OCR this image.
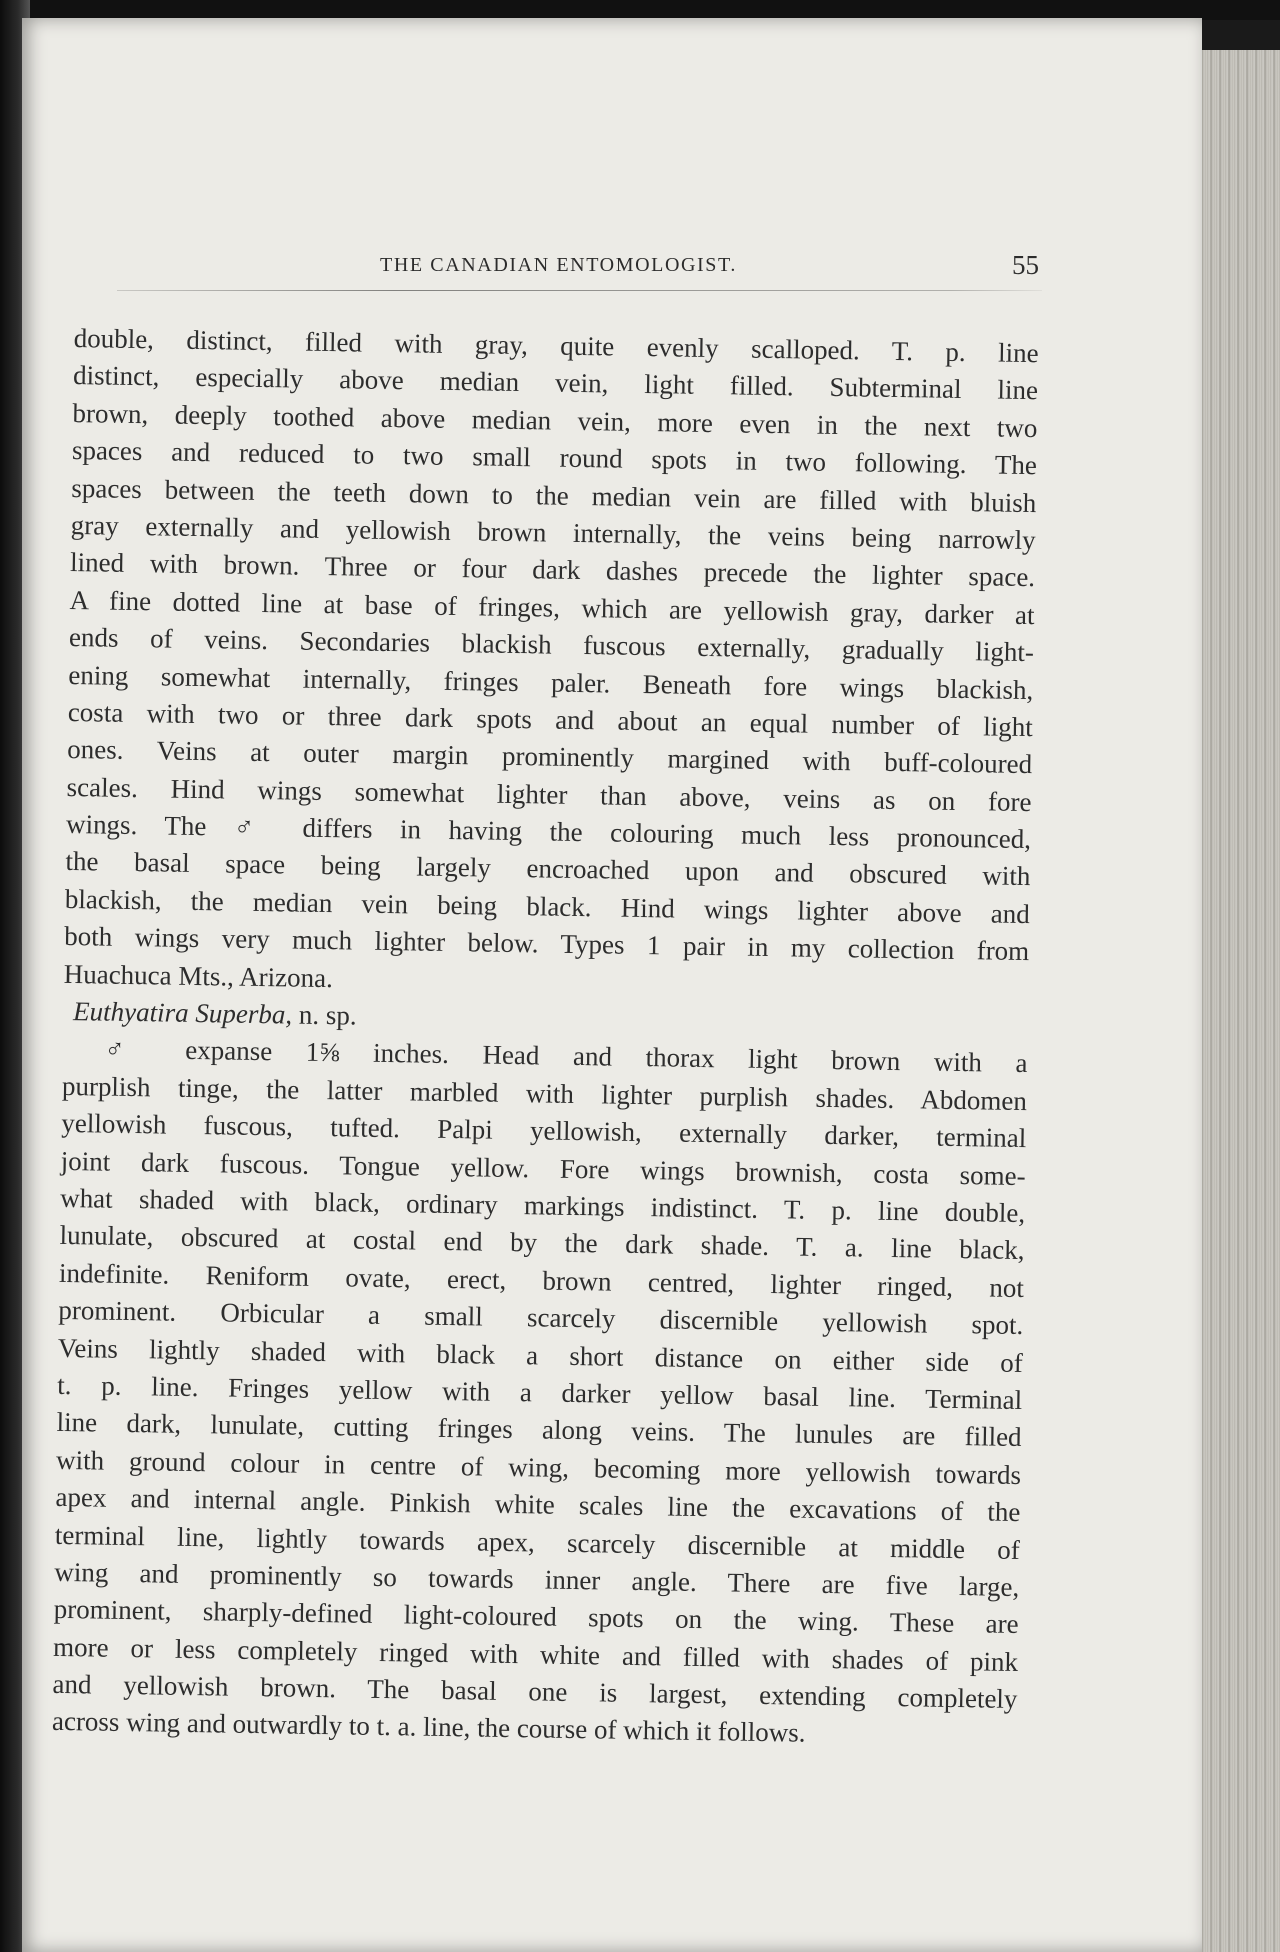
THE CANADIAN ENTOMOLOGIST.	55
double, distinct, filled with gray, quite evenly scalloped. T. p. line
distinct, especially above median vein, light filled. Subterminal line
brown, deeply toothed above median vein, more even in the next two
spaces and reduced to two small round spots in two following. The
spaces between the teeth down to the median vein are filled with bluish
gray externally and yellowish brown internally, the veins being narrowly
lined with brown. Three or four dark dashes precede the lighter space.
A fine dotted line at base of fringes, which are yellowish gray, darker at
ends of veins. Secondaries blackish fuscous externally, gradually light-
ening somewhat internally, fringes paler. Beneath fore wings blackish,
costa with two or three dark spots and about an equal number of light
ones. Veins at outer margin prominently margined with buff-coloured
scales. Hind wings somewhat lighter than above, veins as on fore
wings. The ♂ differs in having the colouring much less pronounced,
the basal space being largely encroached upon and obscured with
blackish, the median vein being black. Hind wings lighter above and
both wings very much lighter below. Types 1 pair in my collection from
Huachuca Mts., Arizona.
Euthyatira Superba, n. sp.
♂ expanse 1⅝ inches. Head and thorax light brown with a
purplish tinge, the latter marbled with lighter purplish shades. Abdomen
yellowish fuscous, tufted. Palpi yellowish, externally darker, terminal
joint dark fuscous. Tongue yellow. Fore wings brownish, costa some-
what shaded with black, ordinary markings indistinct. T. p. line double,
lunulate, obscured at costal end by the dark shade. T. a. line black,
indefinite. Reniform ovate, erect, brown centred, lighter ringed, not
prominent. Orbicular a small scarcely discernible yellowish spot.
Veins lightly shaded with black a short distance on either side of
t. p. line. Fringes yellow with a darker yellow basal line. Terminal
line dark, lunulate, cutting fringes along veins. The lunules are filled
with ground colour in centre of wing, becoming more yellowish towards
apex and internal angle. Pinkish white scales line the excavations of the
terminal line, lightly towards apex, scarcely discernible at middle of
wing and prominently so towards inner angle. There are five large,
prominent, sharply-defined light-coloured spots on the wing. These are
more or less completely ringed with white and filled with shades of pink
and yellowish brown. The basal one is largest, extending completely
across wing and outwardly to t. a. line, the course of which it follows.
